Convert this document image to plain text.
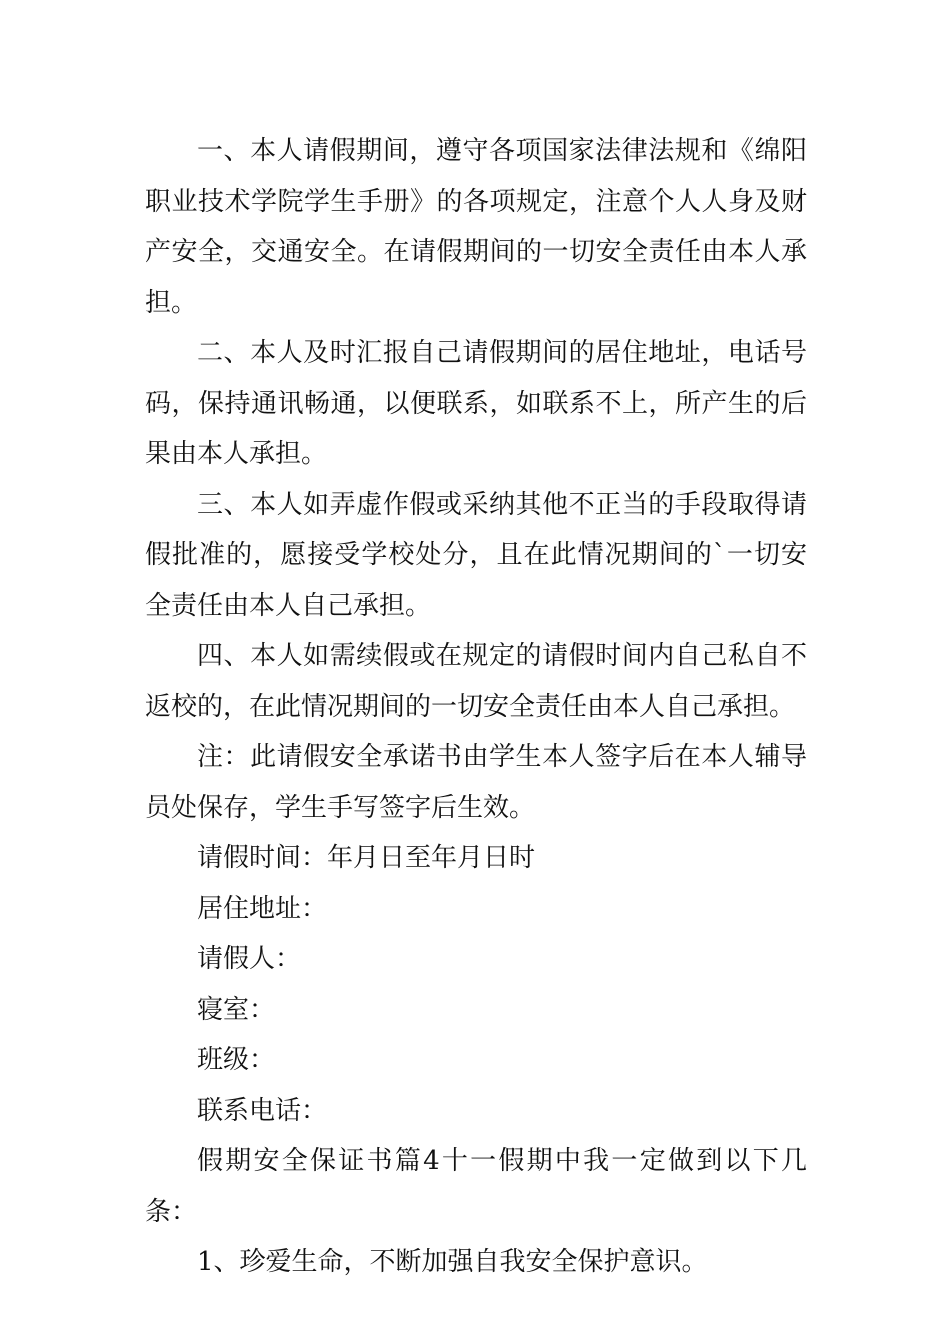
一、本人请假期间，遵守各项国家法律法规和《绵阳职业技术学院学生手册》的各项规定，注意个人人身及财产安全，交通安全。在请假期间的一切安全责任由本人承担。

二、本人及时汇报自己请假期间的居住地址，电话号码，保持通讯畅通，以便联系，如联系不上，所产生的后果由本人承担。

三、本人如弄虚作假或采纳其他不正当的手段取得请假批准的，愿接受学校处分，且在此情况期间的`一切安全责任由本人自己承担。

四、本人如需续假或在规定的请假时间内自己私自不返校的，在此情况期间的一切安全责任由本人自己承担。

注：此请假安全承诺书由学生本人签字后在本人辅导员处保存，学生手写签字后生效。

请假时间：年月日至年月日时

居住地址：

请假人：

寝室：

班级：

联系电话：

假期安全保证书篇4十一假期中我一定做到以下几条：

1、珍爱生命，不断加强自我安全保护意识。
